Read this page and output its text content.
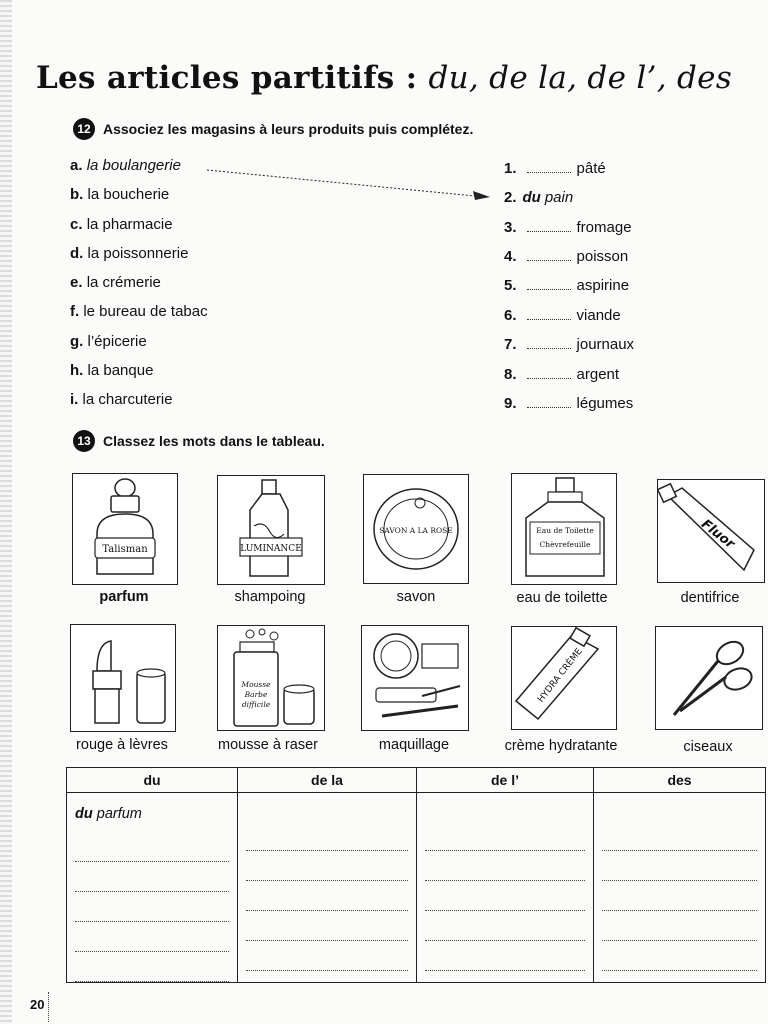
Les articles partitifs : du, de la, de l’, des
12 Associez les magasins à leurs produits puis complétez.
a. la boulangerie
b. la boucherie
c. la pharmacie
d. la poissonnerie
e. la crémerie
f. le bureau de tabac
g. l’épicerie
h. la banque
i. la charcuterie
1.	pâté
2. du pain
3.	fromage
4.	poisson
5.	aspirine
6.	viande
7.	journaux
8.	argent
9.	légumes
13 Classez les mots dans le tableau.
Talisman
parfum
LUMINANCE
shampoing
SAVON A LA ROSE
savon
Eau de Toilette Chèvrefeuille
eau de toilette
Fluor
dentifrice
rouge à lèvres
Mousse Barbe difficile
mousse à raser	maquillage
HYDRA CRÈME
crème hydratante	ciseaux
du	de la	de l’	des

du parfum			

20
